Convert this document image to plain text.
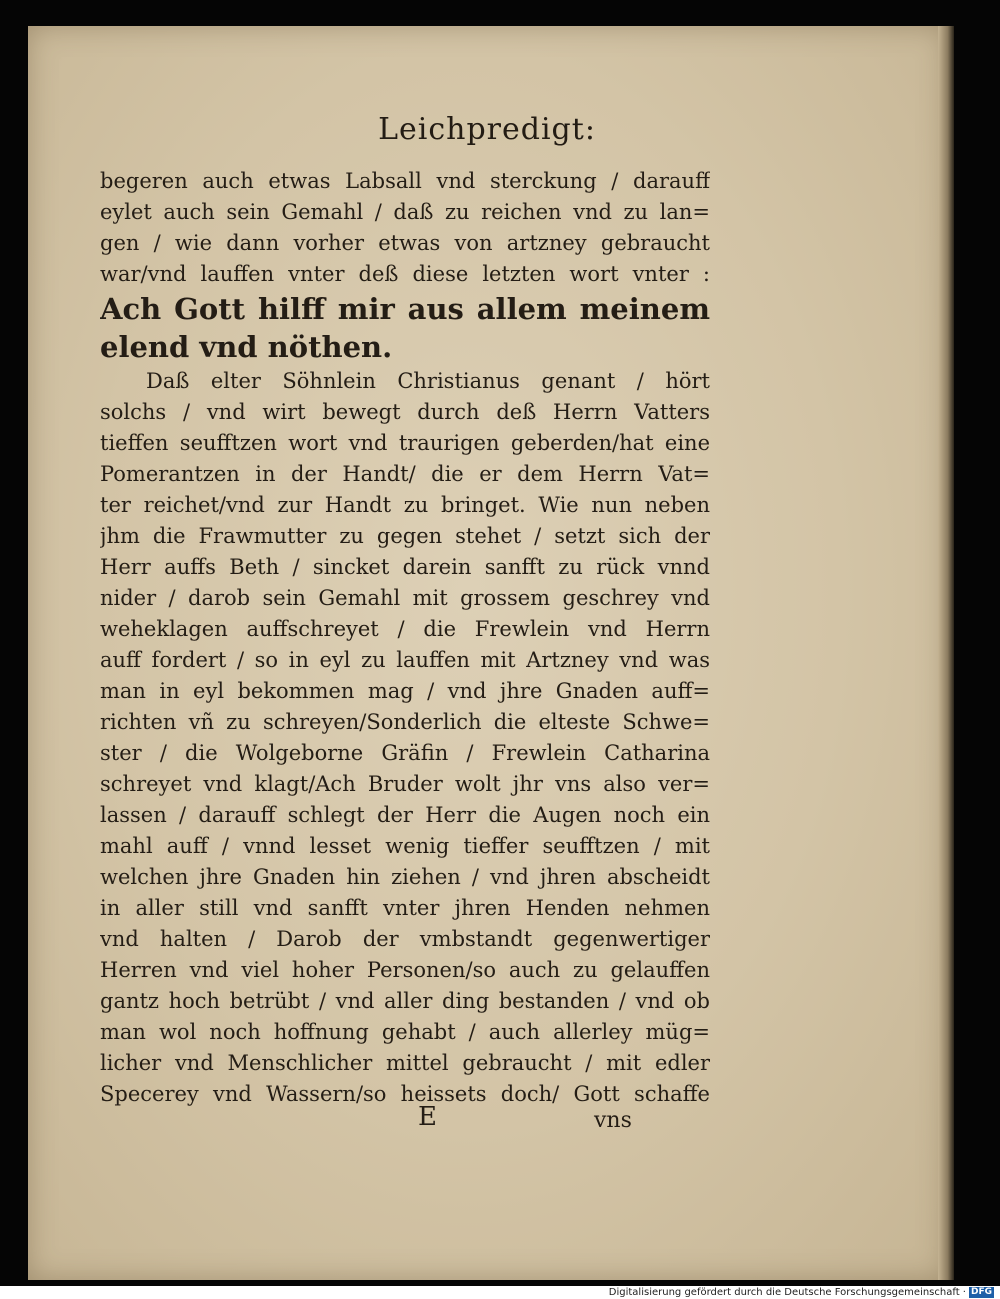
Leichpredigt:
begeren auch etwas Labsall vnd sterckung / darauff
eylet auch sein Gemahl / daß zu reichen vnd zu lan=
gen / wie dann vorher etwas von artzney gebraucht
war/vnd lauffen vnter deß diese letzten wort vnter :
Ach Gott hilff mir aus allem meinem
elend vnd nöthen.
Daß elter Söhnlein Christianus genant / hört
solchs / vnd wirt bewegt durch deß Herrn Vatters
tieffen seufftzen wort vnd traurigen geberden/hat eine
Pomerantzen in der Handt/ die er dem Herrn Vat=
ter reichet/vnd zur Handt zu bringet. Wie nun neben
jhm die Frawmutter zu gegen stehet / setzt sich der
Herr auffs Beth / sincket darein sanfft zu rück vnnd
nider / darob sein Gemahl mit grossem geschrey vnd
weheklagen auffschreyet / die Frewlein vnd Herrn
auff fordert / so in eyl zu lauffen mit Artzney vnd was
man in eyl bekommen mag / vnd jhre Gnaden auff=
richten vñ zu schreyen/Sonderlich die elteste Schwe=
ster / die Wolgeborne Gräfin / Frewlein Catharina
schreyet vnd klagt/Ach Bruder wolt jhr vns also ver=
lassen / darauff schlegt der Herr die Augen noch ein
mahl auff / vnnd lesset wenig tieffer seufftzen / mit
welchen jhre Gnaden hin ziehen / vnd jhren abscheidt
in aller still vnd sanfft vnter jhren Henden nehmen
vnd halten / Darob der vmbstandt gegenwertiger
Herren vnd viel hoher Personen/so auch zu gelauffen
gantz hoch betrübt / vnd aller ding bestanden / vnd ob
man wol noch hoffnung gehabt / auch allerley müg=
licher vnd Menschlicher mittel gebraucht / mit edler
Specerey vnd Wassern/so heissets doch/ Gott schaffe
E	vns
Digitalisierung gefördert durch die Deutsche Forschungsgemeinschaft · DFG
